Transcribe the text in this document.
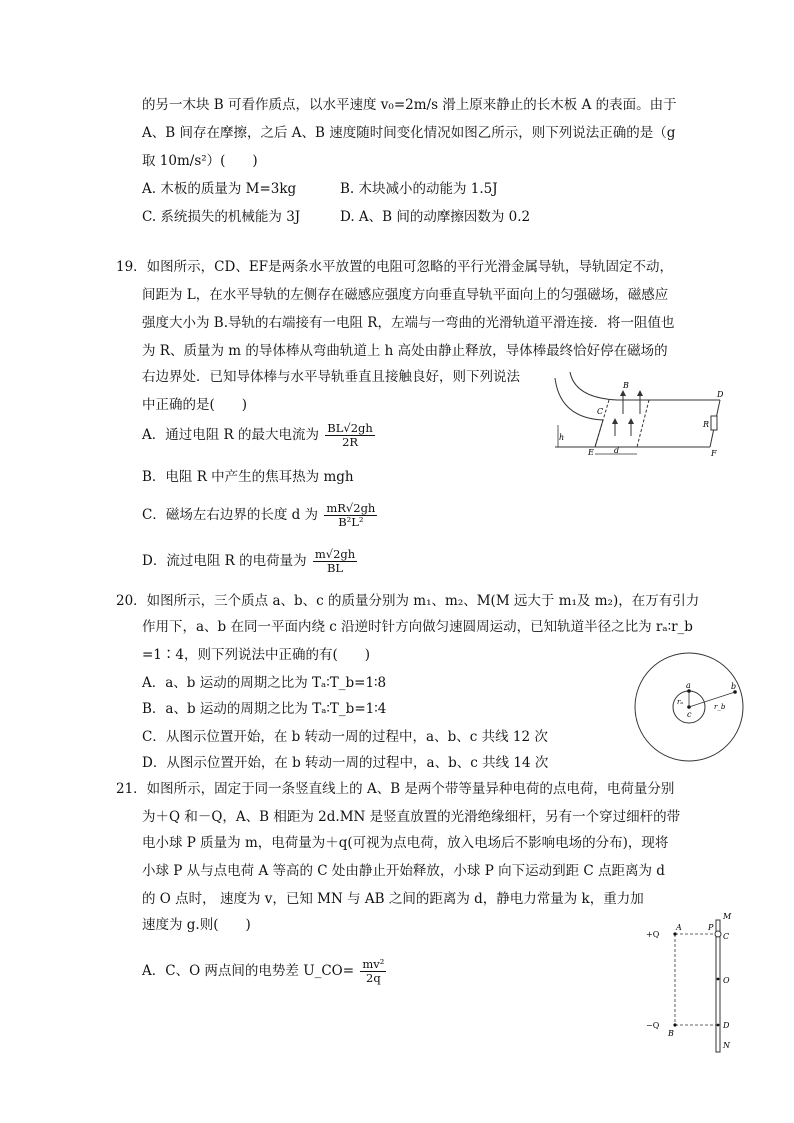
的另一木块 B 可看作质点，以水平速度 v₀=2m/s 滑上原来静止的长木板 A 的表面。由于
A、B 间存在摩擦，之后 A、B 速度随时间变化情况如图乙所示，则下列说法正确的是（g
取 10m/s²）(　　)
A. 木板的质量为 M=3kg	B. 木块减小的动能为 1.5J
C. 系统损失的机械能为 3J	D. A、B 间的动摩擦因数为 0.2
19．如图所示，CD、EF是两条水平放置的电阻可忽略的平行光滑金属导轨，导轨固定不动，
间距为 L，在水平导轨的左侧存在磁感应强度方向垂直导轨平面向上的匀强磁场，磁感应
强度大小为 B.导轨的右端接有一电阻 R，左端与一弯曲的光滑轨道平滑连接．将一阻值也
为 R、质量为 m 的导体棒从弯曲轨道上 h 高处由静止释放，导体棒最终恰好停在磁场的
右边界处．已知导体棒与水平导轨垂直且接触良好，则下列说法
中正确的是(　　)
A．通过电阻 R 的最大电流为 $\frac{BL√2gh}{2R}$
B．电阻 R 中产生的焦耳热为 mgh
C．磁场左右边界的长度 d 为 $\frac{mR√2gh}{\text{B²L²}}$
D．流过电阻 R 的电荷量为 $\frac{m√2gh}{BL}$
B
C
D
R
E	F
h
d
20．如图所示，三个质点 a、b、c 的质量分别为 m₁、m₂、M(M 远大于 m₁及 m₂)，在万有引力
作用下，a、b 在同一平面内绕 c 沿逆时针方向做匀速圆周运动，已知轨道半径之比为 rₐ∶r_b
=1∶4，则下列说法中正确的有(　　)
A．a、b 运动的周期之比为 Tₐ∶T_b=1∶8
B．a、b 运动的周期之比为 Tₐ∶T_b=1∶4
C．从图示位置开始，在 b 转动一周的过程中，a、b、c 共线 12 次
D．从图示位置开始，在 b 转动一周的过程中，a、b、c 共线 14 次
a	b
c
rₐ
r_b
21．如图所示，固定于同一条竖直线上的 A、B 是两个带等量异种电荷的点电荷，电荷量分别
为＋Q 和－Q，A、B 相距为 2d.MN 是竖直放置的光滑绝缘细杆，另有一个穿过细杆的带
电小球 P 质量为 m，电荷量为＋q(可视为点电荷，放入电场后不影响电场的分布)，现将
小球 P 从与点电荷 A 等高的 C 处由静止开始释放，小球 P 向下运动到距 C 点距离为 d
的 O 点时， 速度为 v，已知 MN 与 AB 之间的距离为 d，静电力常量为 k，重力加
速度为 g.则(　　)
A．C、O 两点间的电势差 U_CO= $\frac{\text{mv²}}{2q}$
+Q
−Q
A
B
P
M
C
O
D
N
